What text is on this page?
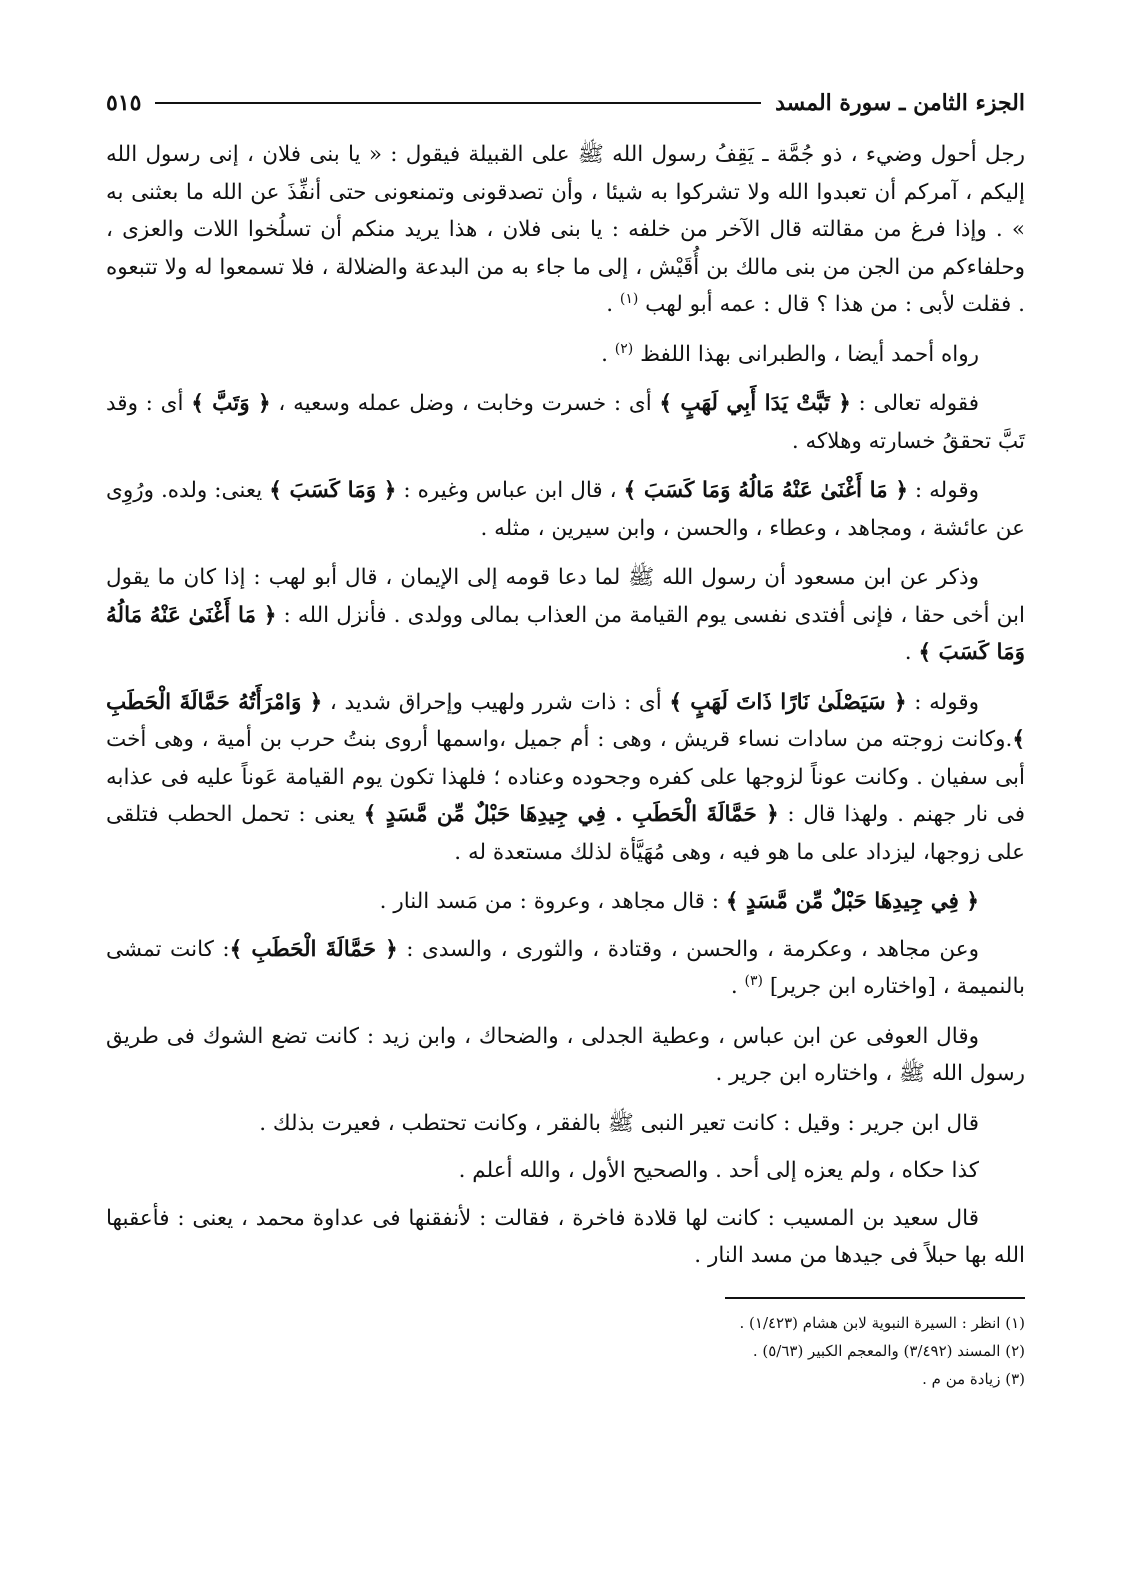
الجزء الثامن ـ سورة المسد
٥١٥

رجل أحول وضيء ، ذو جُمَّة ـ يَقِفُ رسول الله ﷺ على القبيلة فيقول : « يا بنى فلان ، إنى رسول الله إليكم ، آمركم أن تعبدوا الله ولا تشركوا به شيئا ، وأن تصدقونى وتمنعونى حتى أنفِّذَ عن الله ما بعثنى به » . وإذا فرغ من مقالته قال الآخر من خلفه : يا بنى فلان ، هذا يريد منكم أن تسلُخوا اللات والعزى ، وحلفاءكم من الجن من بنى مالك بن أُقَيْش ، إلى ما جاء به من البدعة والضلالة ، فلا تسمعوا له ولا تتبعوه . فقلت لأبى : من هذا ؟ قال : عمه أبو لهب $^{(١)}$ .

رواه أحمد أيضا ، والطبرانى بهذا اللفظ $^{(٢)}$ .

فقوله تعالى : ﴿ تَبَّتْ يَدَا أَبِي لَهَبٍ ﴾ أى : خسرت وخابت ، وضل عمله وسعيه ، ﴿ وَتَبَّ ﴾ أى : وقد تَبَّ تحققُ خسارته وهلاكه .

وقوله : ﴿ مَا أَغْنَىٰ عَنْهُ مَالُهُ وَمَا كَسَبَ ﴾ ، قال ابن عباس وغيره : ﴿ وَمَا كَسَبَ ﴾ يعنى: ولده. ورُوِى عن عائشة ، ومجاهد ، وعطاء ، والحسن ، وابن سيرين ، مثله .

وذكر عن ابن مسعود أن رسول الله ﷺ لما دعا قومه إلى الإيمان ، قال أبو لهب : إذا كان ما يقول ابن أخى حقا ، فإنى أفتدى نفسى يوم القيامة من العذاب بمالى وولدى . فأنزل الله : ﴿ مَا أَغْنَىٰ عَنْهُ مَالُهُ وَمَا كَسَبَ ﴾ .

وقوله : ﴿ سَيَصْلَىٰ نَارًا ذَاتَ لَهَبٍ ﴾ أى : ذات شرر ولهيب وإحراق شديد ، ﴿ وَامْرَأَتُهُ حَمَّالَةَ الْحَطَبِ ﴾.وكانت زوجته من سادات نساء قريش ، وهى : أم جميل ،واسمها أروى بنتُ حرب بن أمية ، وهى أخت أبى سفيان . وكانت عوناً لزوجها على كفره وجحوده وعناده ؛ فلهذا تكون يوم القيامة عَوناً عليه فى عذابه فى نار جهنم . ولهذا قال : ﴿ حَمَّالَةَ الْحَطَبِ . فِي جِيدِهَا حَبْلٌ مِّن مَّسَدٍ ﴾ يعنى : تحمل الحطب فتلقى على زوجها، ليزداد على ما هو فيه ، وهى مُهَيَّأة لذلك مستعدة له .

﴿ فِي جِيدِهَا حَبْلٌ مِّن مَّسَدٍ ﴾ : قال مجاهد ، وعروة : من مَسد النار .

وعن مجاهد ، وعكرمة ، والحسن ، وقتادة ، والثورى ، والسدى : ﴿ حَمَّالَةَ الْحَطَبِ ﴾: كانت تمشى بالنميمة ، [واختاره ابن جرير] $^{(٣)}$ .

وقال العوفى عن ابن عباس ، وعطية الجدلى ، والضحاك ، وابن زيد : كانت تضع الشوك فى طريق رسول الله ﷺ ، واختاره ابن جرير .

قال ابن جرير : وقيل : كانت تعير النبى ﷺ بالفقر ، وكانت تحتطب ، فعيرت بذلك .

كذا حكاه ، ولم يعزه إلى أحد . والصحيح الأول ، والله أعلم .

قال سعيد بن المسيب : كانت لها قلادة فاخرة ، فقالت : لأنفقنها فى عداوة محمد ، يعنى : فأعقبها الله بها حبلاً فى جيدها من مسد النار .

(١) انظر : السيرة النبوية لابن هشام (١/٤٢٣) .

(٢) المسند (٣/٤٩٢) والمعجم الكبير (٥/٦٣) .

(٣) زيادة من م .
